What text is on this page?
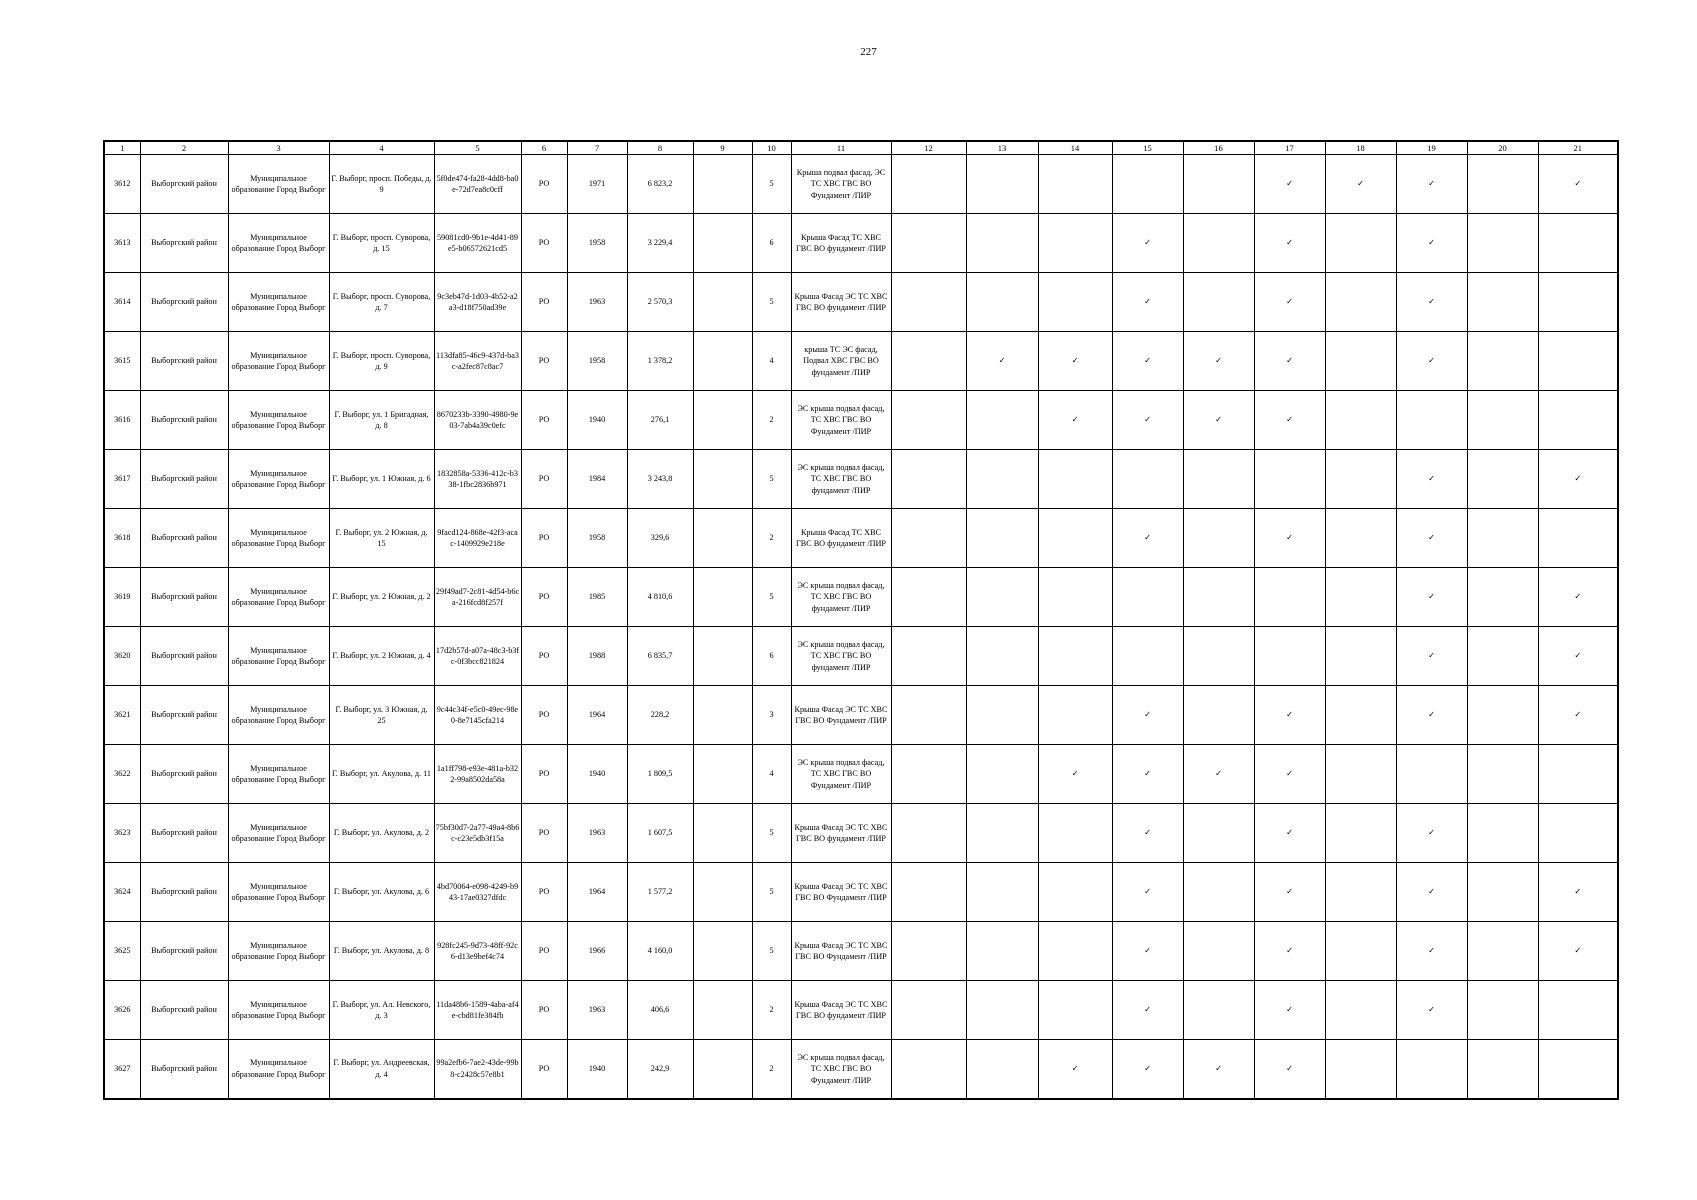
227
1	2	3	4	5	6	7	8	9	10	11	12	13	14	15	16	17	18	19	20	21
3612	Выборгский район	Муниципальное образование Город Выборг	Г. Выборг, просп. Победы, д. 9	5f0de474-fa28-4dd8-ba0e-72d7ea8c0cff	РО	1971	6 823,2		5	Крыша подвал фасад, ЭС ТС ХВС ГВС ВО Фундамент /ПИР						✓	✓	✓		✓
3613	Выборгский район	Муниципальное образование Город Выборг	Г. Выборг, просп. Суворова, д. 15	59081cd0-9b1e-4d41-89e5-b06572621cd5	РО	1958	3 229,4		6	Крыша Фасад ТС ХВС ГВС ВО фундамент /ПИР				✓		✓		✓		
3614	Выборгский район	Муниципальное образование Город Выборг	Г. Выборг, просп. Суворова, д. 7	9c3eb47d-1d03-4b52-a2a3-d18f750ad39e	РО	1963	2 570,3		5	Крыша Фасад ЭС ТС ХВС ГВС ВО фундамент /ПИР				✓		✓		✓		
3615	Выборгский район	Муниципальное образование Город Выборг	Г. Выборг, просп. Суворова, д. 9	113dfa85-46c9-437d-ba3c-a2fec87c8ac7	РО	1958	1 378,2		4	крыша ТС ЭС фасад, Подвал ХВС ГВС ВО фундамент /ПИР		✓	✓	✓	✓	✓		✓		
3616	Выборгский район	Муниципальное образование Город Выборг	Г. Выборг, ул. 1 Бригадная, д. 8	8670233b-3390-4980-9e03-7ab4a39c0efc	РО	1940	276,1		2	ЭС крыша подвал фасад, ТС ХВС ГВС ВО Фундамент /ПИР			✓	✓	✓	✓				
3617	Выборгский район	Муниципальное образование Город Выборг	Г. Выборг, ул. 1 Южная, д. 6	1832858a-5336-412c-b338-1fbc2836b971	РО	1984	3 243,8		5	ЭС крыша подвал фасад, ТС ХВС ГВС ВО фундамент /ПИР								✓		✓
3618	Выборгский район	Муниципальное образование Город Выборг	Г. Выборг, ул. 2 Южная, д. 15	9facd124-868e-42f3-acac-1409929e218e	РО	1958	329,6		2	Крыша Фасад ТС ХВС ГВС ВО фундамент /ПИР				✓		✓		✓		
3619	Выборгский район	Муниципальное образование Город Выборг	Г. Выборг, ул. 2 Южная, д. 2	29f49ad7-2c81-4d54-b6ca-216fcd8f257f	РО	1985	4 810,6		5	ЭС крыша подвал фасад, ТС ХВС ГВС ВО фундамент /ПИР								✓		✓
3620	Выборгский район	Муниципальное образование Город Выборг	Г. Выборг, ул. 2 Южная, д. 4	17d2b57d-a07a-48c3-b3fc-0f3bcc821824	РО	1988	6 835,7		6	ЭС крыша подвал фасад, ТС ХВС ГВС ВО фундамент /ПИР								✓		✓
3621	Выборгский район	Муниципальное образование Город Выборг	Г. Выборг, ул. 3 Южная, д. 25	9c44c34f-e5c0-49ec-98e0-8e7145cfa214	РО	1964	228,2		3	Крыша Фасад ЭС ТС ХВС ГВС ВО Фундамент /ПИР				✓		✓		✓		✓
3622	Выборгский район	Муниципальное образование Город Выборг	Г. Выборг, ул. Акулова, д. 11	1a1ff798-e93e-481a-b322-99a8502da58a	РО	1940	1 809,5		4	ЭС крыша подвал фасад, ТС ХВС ГВС ВО Фундамент /ПИР			✓	✓	✓	✓				
3623	Выборгский район	Муниципальное образование Город Выборг	Г. Выборг, ул. Акулова, д. 2	75bf30d7-2a77-49a4-8b6c-c23e5db3f15a	РО	1963	1 607,5		5	Крыша Фасад ЭС ТС ХВС ГВС ВО фундамент /ПИР				✓		✓		✓		
3624	Выборгский район	Муниципальное образование Город Выборг	Г. Выборг, ул. Акулова, д. 6	4bd70064-e098-4249-b943-17ae0327dfdc	РО	1964	1 577,2		5	Крыша Фасад ЭС ТС ХВС ГВС ВО Фундамент /ПИР				✓		✓		✓		✓
3625	Выборгский район	Муниципальное образование Город Выборг	Г. Выборг, ул. Акулова, д. 8	928fc245-9d73-48ff-92c6-d13e9bef4c74	РО	1966	4 160,0		5	Крыша Фасад ЭС ТС ХВС ГВС ВО Фундамент /ПИР				✓		✓		✓		✓
3626	Выборгский район	Муниципальное образование Город Выборг	Г. Выборг, ул. Ал. Невского, д. 3	11da48b6-1589-4aba-af4e-cbd81fe384fb	РО	1963	406,6		2	Крыша Фасад ЭС ТС ХВС ГВС ВО фундамент /ПИР				✓		✓		✓		
3627	Выборгский район	Муниципальное образование Город Выборг	Г. Выборг, ул. Андреевская, д. 4	99a2efb6-7ae2-43de-99b8-c2428c57e8b1	РО	1940	242,9		2	ЭС крыша подвал фасад, ТС ХВС ГВС ВО Фундамент /ПИР			✓	✓	✓	✓				
